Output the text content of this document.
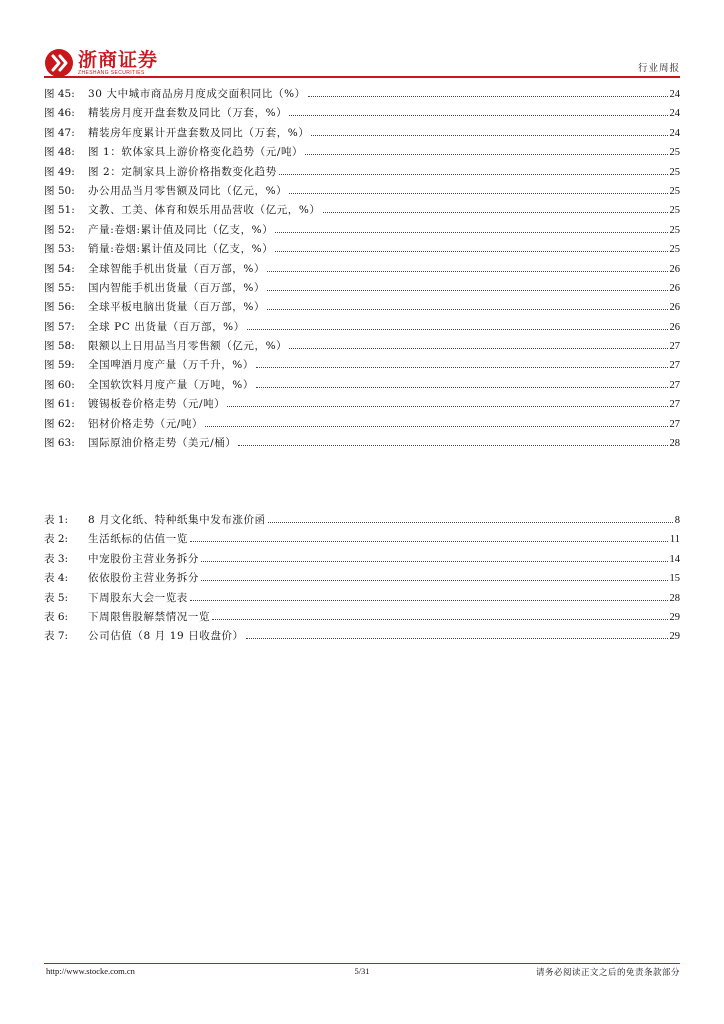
浙商证券
ZHESHANG SECURITIES	行业周报
图 45:	30 大中城市商品房月度成交面积同比（%）	24
图 46:	精装房月度开盘套数及同比（万套，%）	24
图 47:	精装房年度累计开盘套数及同比（万套，%）	24
图 48:	图 1：软体家具上游价格变化趋势（元/吨）	25
图 49:	图 2：定制家具上游价格指数变化趋势	25
图 50:	办公用品当月零售额及同比（亿元，%）	25
图 51:	文教、工美、体育和娱乐用品营收（亿元，%）	25
图 52:	产量:卷烟:累计值及同比（亿支，%）	25
图 53:	销量:卷烟:累计值及同比（亿支，%）	25
图 54:	全球智能手机出货量（百万部，%）	26
图 55:	国内智能手机出货量（百万部，%）	26
图 56:	全球平板电脑出货量（百万部，%）	26
图 57:	全球 PC 出货量（百万部，%）	26
图 58:	限额以上日用品当月零售额（亿元，%）	27
图 59:	全国啤酒月度产量（万千升，%）	27
图 60:	全国软饮料月度产量（万吨，%）	27
图 61:	镀锡板卷价格走势（元/吨）	27
图 62:	铝材价格走势（元/吨）	27
图 63:	国际原油价格走势（美元/桶）	28
表 1:	8 月文化纸、特种纸集中发布涨价函	8
表 2:	生活纸标的估值一览	11
表 3:	中宠股份主营业务拆分	14
表 4:	依依股份主营业务拆分	15
表 5:	下周股东大会一览表	28
表 6:	下周限售股解禁情况一览	29
表 7:	公司估值（8 月 19 日收盘价）	29
http://www.stocke.com.cn	5/31	请务必阅读正文之后的免责条款部分
